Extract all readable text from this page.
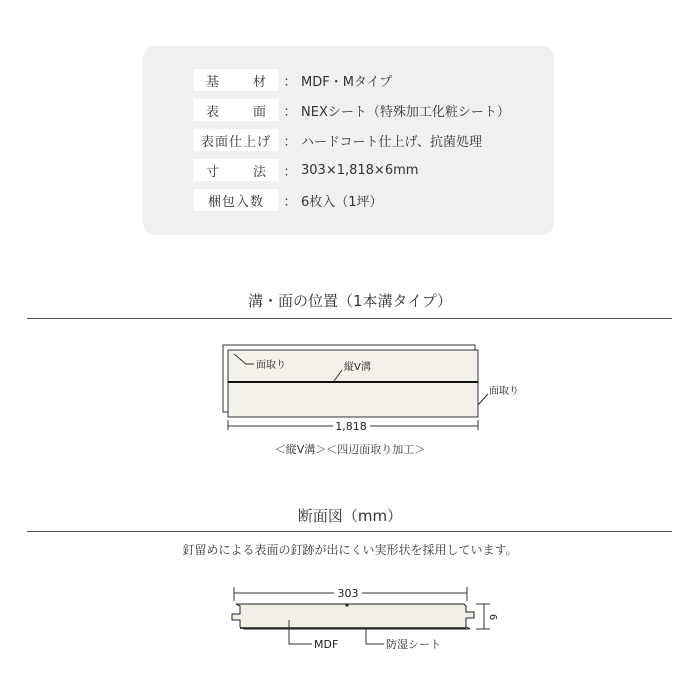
基	材	： MDF・Mタイプ
表	面	： NEXシート（特殊加工化粧シート）
表面仕上げ ： ハードコート仕上げ、抗菌処理
寸	法	： 303×1,818×6mm
梱包入数	： 6枚入（1坪）
溝・面の位置（1本溝タイプ）
面取り	縦V溝
面取り
1,818
＜縦V溝＞＜四辺面取り加工＞
断面図（mm）
釘留めによる表面の釘跡が出にくい実形状を採用しています。
303
6
MDF	防湿シート
